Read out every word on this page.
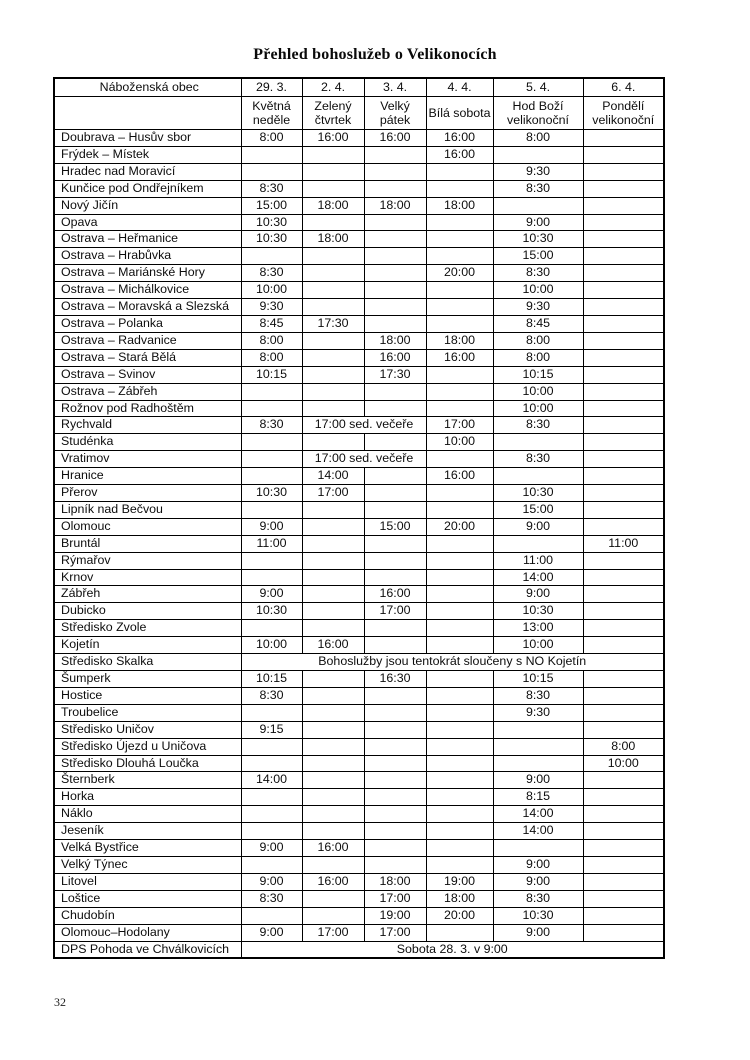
Přehled bohoslužeb o Velikonocích
Náboženská obec	29. 3.	2. 4.	3. 4.	4. 4.	5. 4.	6. 4.
	Květná neděle	Zelený čtvrtek	Velký pátek	Bílá sobota	Hod Boží velikonoční	Pondělí velikonoční
Doubrava – Husův sbor	8:00	16:00	16:00	16:00	8:00	
Frýdek – Místek				16:00		
Hradec nad Moravicí					9:30	
Kunčice pod Ondřejníkem	8:30				8:30	
Nový Jičín	15:00	18:00	18:00	18:00		
Opava	10:30				9:00	
Ostrava – Heřmanice	10:30	18:00			10:30	
Ostrava – Hrabůvka					15:00	
Ostrava – Mariánské Hory	8:30			20:00	8:30	
Ostrava – Michálkovice	10:00				10:00	
Ostrava – Moravská a Slezská	9:30				9:30	
Ostrava – Polanka	8:45	17:30			8:45	
Ostrava – Radvanice	8:00		18:00	18:00	8:00	
Ostrava – Stará Bělá	8:00		16:00	16:00	8:00	
Ostrava – Svinov	10:15		17:30		10:15	
Ostrava – Zábřeh					10:00	
Rožnov pod Radhoštěm					10:00	
Rychvald	8:30	17:00 sed. večeře		17:00	8:30	
Studénka				10:00		
Vratimov		17:00 sed. večeře			8:30	
Hranice		14:00		16:00		
Přerov	10:30	17:00			10:30	
Lipník nad Bečvou					15:00	
Olomouc	9:00		15:00	20:00	9:00	
Bruntál	11:00					11:00
Rýmařov					11:00	
Krnov					14:00	
Zábřeh	9:00		16:00		9:00	
Dubicko	10:30		17:00		10:30	
Středisko Zvole					13:00	
Kojetín	10:00	16:00			10:00	
Středisko Skalka	Bohoslužby jsou tentokrát sloučeny s NO Kojetín					
Šumperk	10:15		16:30		10:15	
Hostice	8:30				8:30	
Troubelice					9:30	
Středisko Uničov	9:15					
Středisko Újezd u Uničova						8:00
Středisko Dlouhá Loučka						10:00
Šternberk	14:00				9:00	
Horka					8:15	
Náklo					14:00	
Jeseník					14:00	
Velká Bystřice	9:00	16:00				
Velký Týnec					9:00	
Litovel	9:00	16:00	18:00	19:00	9:00	
Loštice	8:30		17:00	18:00	8:30	
Chudobín			19:00	20:00	10:30	
Olomouc–Hodolany	9:00	17:00	17:00		9:00	
DPS Pohoda ve Chválkovicích	Sobota 28. 3. v 9:00					
32
